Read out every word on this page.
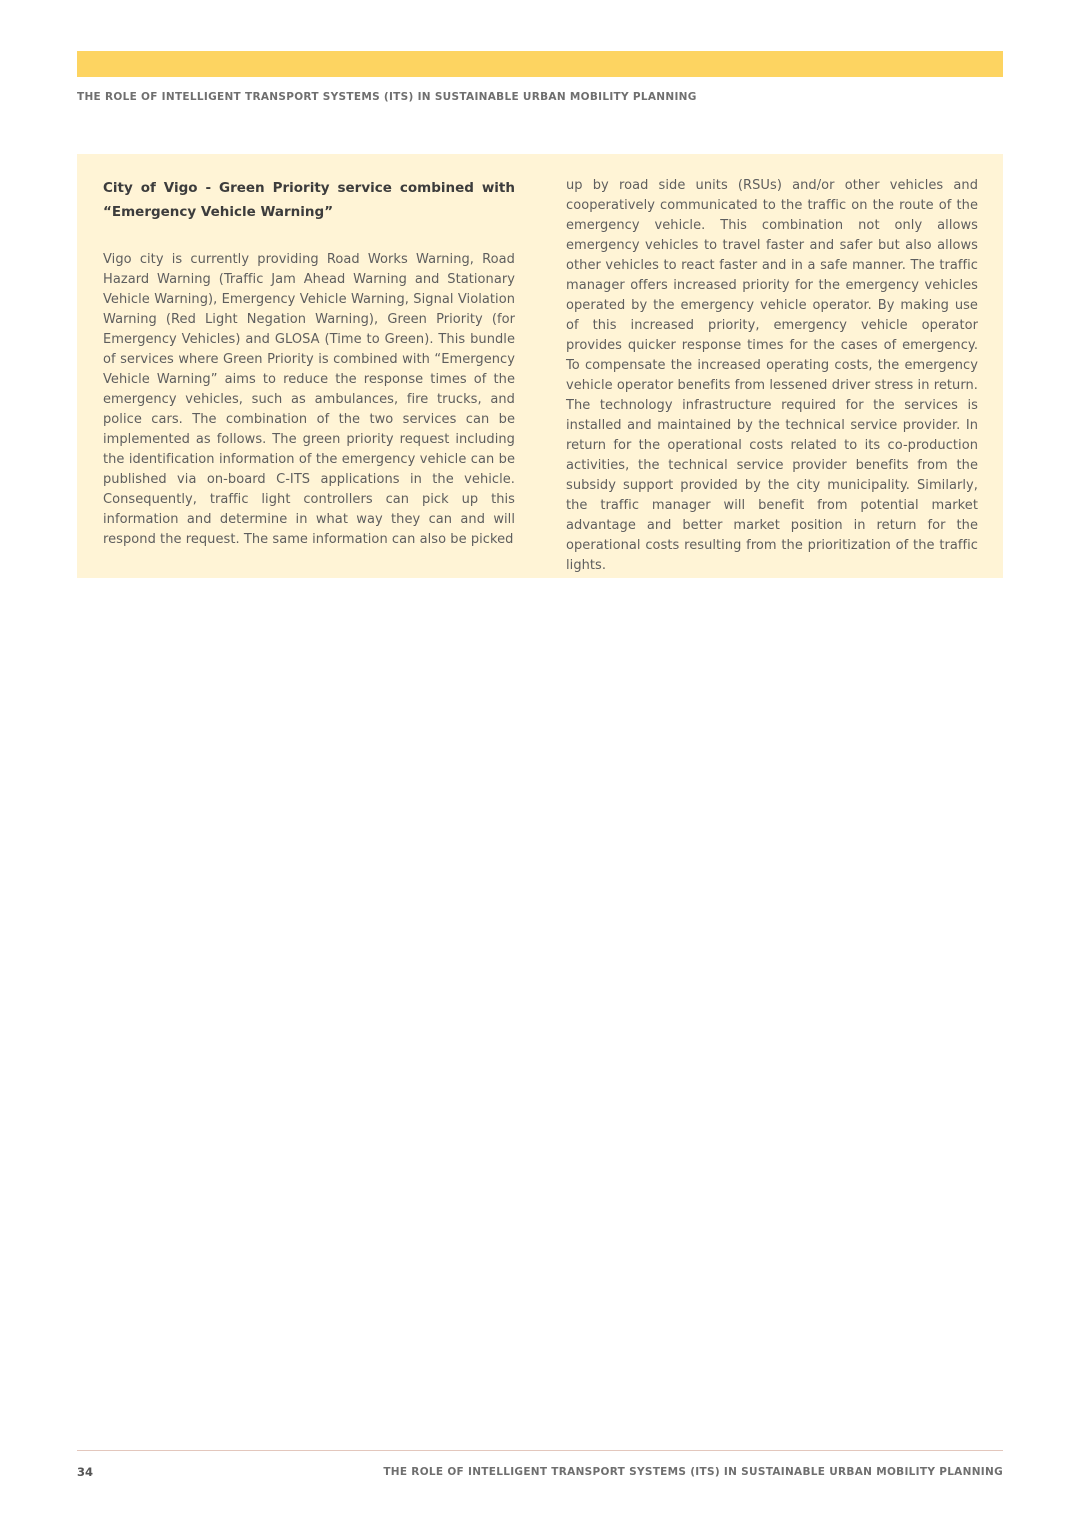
THE ROLE OF INTELLIGENT TRANSPORT SYSTEMS (ITS) IN SUSTAINABLE URBAN MOBILITY PLANNING
City of Vigo - Green Priority service combined with “Emergency Vehicle Warning”

Vigo city is currently providing Road Works Warning, Road Hazard Warning (Traffic Jam Ahead Warning and Stationary Vehicle Warning), Emergency Vehicle Warning, Signal Violation Warning (Red Light Negation Warning), Green Priority (for Emergency Vehicles) and GLOSA (Time to Green). This bundle of services where Green Priority is combined with “Emergency Vehicle Warning” aims to reduce the response times of the emergency vehicles, such as ambulances, fire trucks, and police cars. The combination of the two services can be implemented as follows. The green priority request including the identification information of the emergency vehicle can be published via on-board C-ITS applications in the vehicle. Consequently, traffic light controllers can pick up this information and determine in what way they can and will respond the request. The same information can also be picked

up by road side units (RSUs) and/or other vehicles and cooperatively communicated to the traffic on the route of the emergency vehicle. This combination not only allows emergency vehicles to travel faster and safer but also allows other vehicles to react faster and in a safe manner. The traffic manager offers increased priority for the emergency vehicles operated by the emergency vehicle operator. By making use of this increased priority, emergency vehicle operator provides quicker response times for the cases of emergency. To compensate the increased operating costs, the emergency vehicle operator benefits from lessened driver stress in return. The technology infrastructure required for the services is installed and maintained by the technical service provider. In return for the operational costs related to its co-production activities, the technical service provider benefits from the subsidy support provided by the city municipality. Similarly, the traffic manager will benefit from potential market advantage and better market position in return for the operational costs resulting from the prioritization of the traffic lights.

34	THE ROLE OF INTELLIGENT TRANSPORT SYSTEMS (ITS) IN SUSTAINABLE URBAN MOBILITY PLANNING
